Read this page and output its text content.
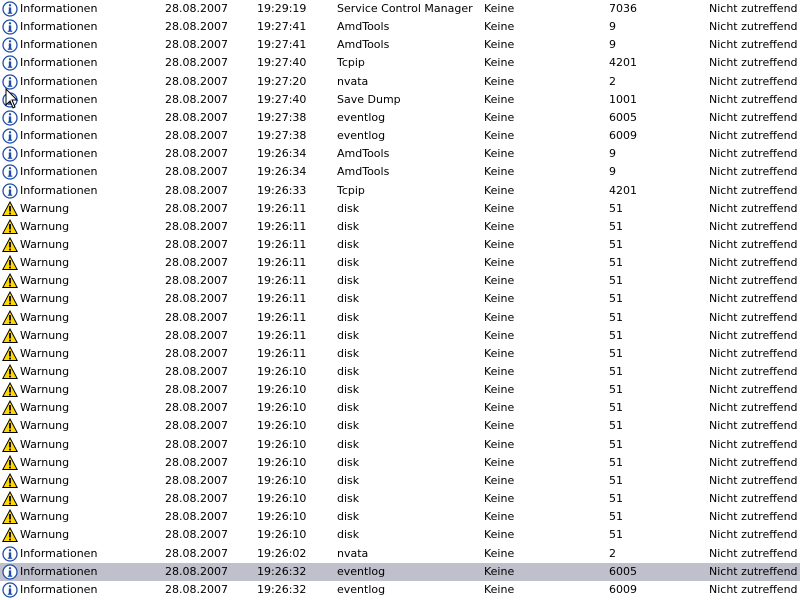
Informationen	28.08.2007	19:29:19	Service Control Manager	Keine	7036	Nicht zutreffend
Informationen	28.08.2007	19:27:41	AmdTools	Keine	9	Nicht zutreffend
Informationen	28.08.2007	19:27:41	AmdTools	Keine	9	Nicht zutreffend
Informationen	28.08.2007	19:27:40	Tcpip	Keine	4201	Nicht zutreffend
Informationen	28.08.2007	19:27:20	nvata	Keine	2	Nicht zutreffend
Informationen	28.08.2007	19:27:40	Save Dump	Keine	1001	Nicht zutreffend
Informationen	28.08.2007	19:27:38	eventlog	Keine	6005	Nicht zutreffend
Informationen	28.08.2007	19:27:38	eventlog	Keine	6009	Nicht zutreffend
Informationen	28.08.2007	19:26:34	AmdTools	Keine	9	Nicht zutreffend
Informationen	28.08.2007	19:26:34	AmdTools	Keine	9	Nicht zutreffend
Informationen	28.08.2007	19:26:33	Tcpip	Keine	4201	Nicht zutreffend
Warnung	28.08.2007	19:26:11	disk	Keine	51	Nicht zutreffend
Warnung	28.08.2007	19:26:11	disk	Keine	51	Nicht zutreffend
Warnung	28.08.2007	19:26:11	disk	Keine	51	Nicht zutreffend
Warnung	28.08.2007	19:26:11	disk	Keine	51	Nicht zutreffend
Warnung	28.08.2007	19:26:11	disk	Keine	51	Nicht zutreffend
Warnung	28.08.2007	19:26:11	disk	Keine	51	Nicht zutreffend
Warnung	28.08.2007	19:26:11	disk	Keine	51	Nicht zutreffend
Warnung	28.08.2007	19:26:11	disk	Keine	51	Nicht zutreffend
Warnung	28.08.2007	19:26:11	disk	Keine	51	Nicht zutreffend
Warnung	28.08.2007	19:26:10	disk	Keine	51	Nicht zutreffend
Warnung	28.08.2007	19:26:10	disk	Keine	51	Nicht zutreffend
Warnung	28.08.2007	19:26:10	disk	Keine	51	Nicht zutreffend
Warnung	28.08.2007	19:26:10	disk	Keine	51	Nicht zutreffend
Warnung	28.08.2007	19:26:10	disk	Keine	51	Nicht zutreffend
Warnung	28.08.2007	19:26:10	disk	Keine	51	Nicht zutreffend
Warnung	28.08.2007	19:26:10	disk	Keine	51	Nicht zutreffend
Warnung	28.08.2007	19:26:10	disk	Keine	51	Nicht zutreffend
Warnung	28.08.2007	19:26:10	disk	Keine	51	Nicht zutreffend
Warnung	28.08.2007	19:26:10	disk	Keine	51	Nicht zutreffend
Informationen	28.08.2007	19:26:02	nvata	Keine	2	Nicht zutreffend
Informationen	28.08.2007	19:26:32	eventlog	Keine	6005	Nicht zutreffend
Informationen	28.08.2007	19:26:32	eventlog	Keine	6009	Nicht zutreffend
